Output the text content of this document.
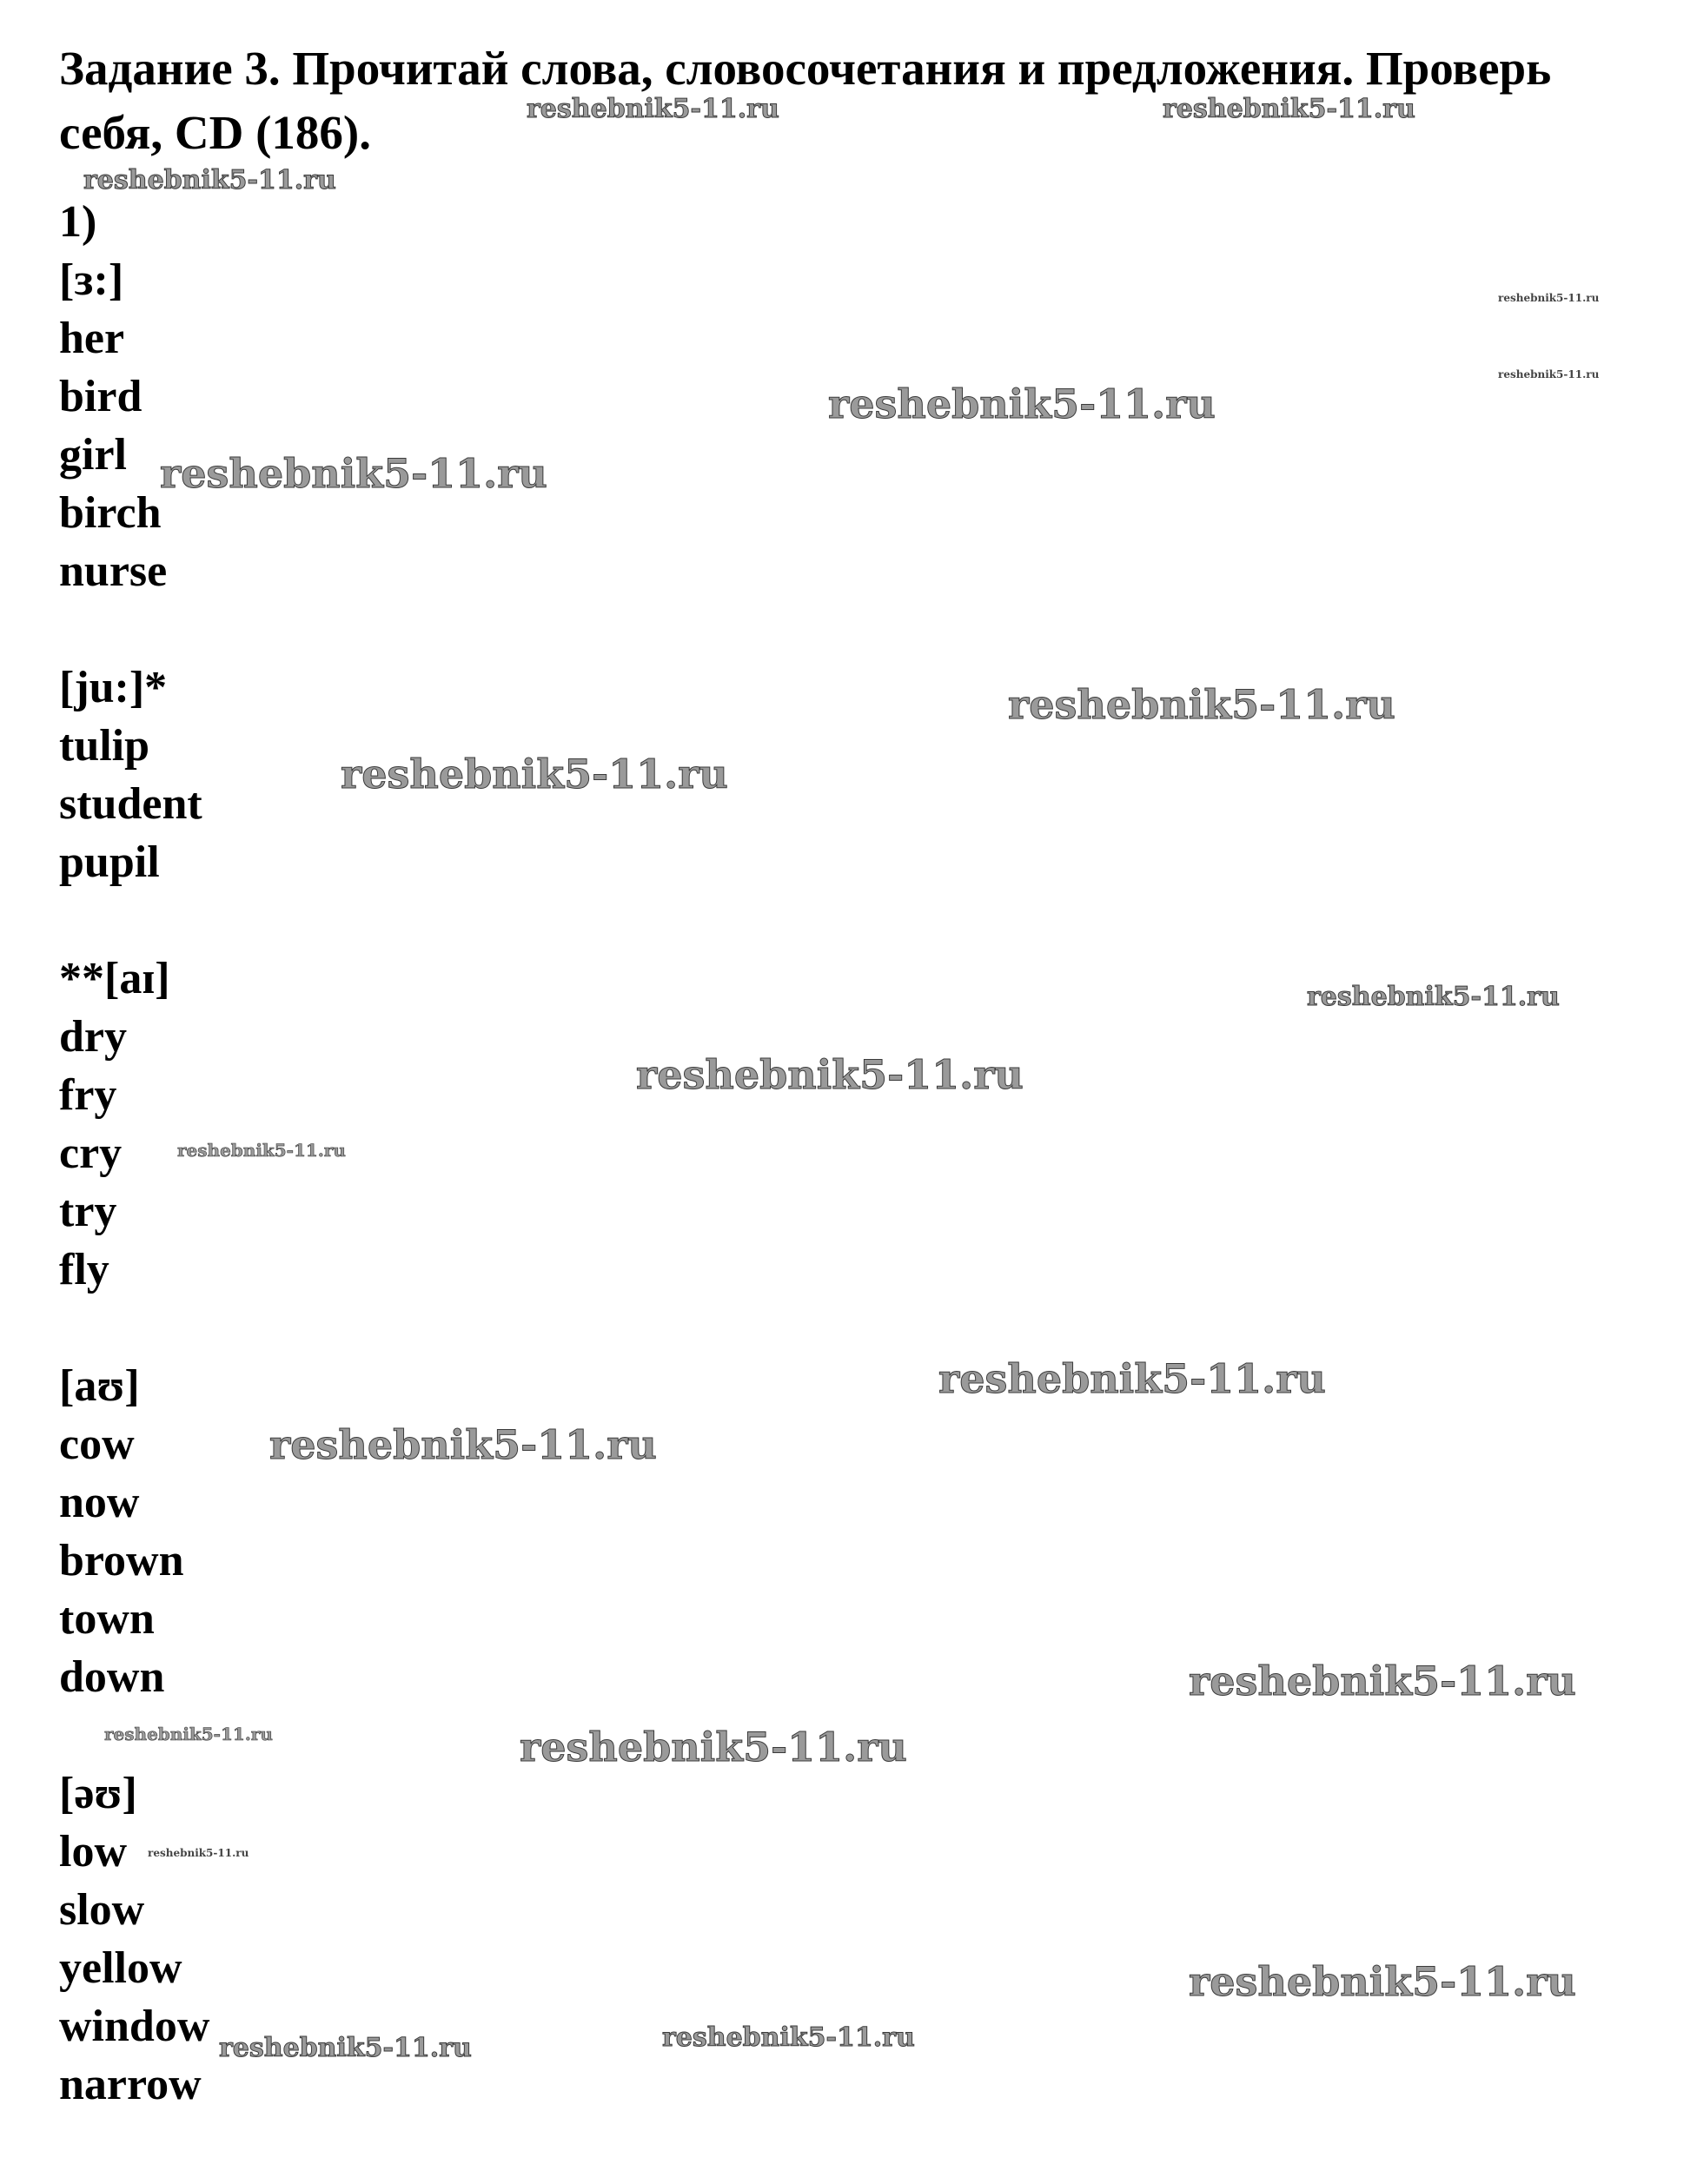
Задание 3. Прочитай слова, словосочетания и предложения. Проверь
себя, CD (186).
1)
[ɜ:]
her
bird
girl
birch
nurse
[ju:]*
tulip
student
pupil
**[aɪ]
dry
fry
cry
try
fly
[aʊ]
cow
now
brown
town
down
[əʊ]
low
slow
yellow
window
narrow
reshebnik5-11.ru	reshebnik5-11.ru
reshebnik5-11.ru
reshebnik5-11.ru
reshebnik5-11.ru
reshebnik5-11.ru
reshebnik5-11.ru
reshebnik5-11.ru
reshebnik5-11.ru
reshebnik5-11.ru
reshebnik5-11.ru
reshebnik5-11.ru
reshebnik5-11.ru
reshebnik5-11.ru
reshebnik5-11.ru
reshebnik5-11.ru	reshebnik5-11.ru
reshebnik5-11.ru
reshebnik5-11.ru
reshebnik5-11.ru
reshebnik5-11.ru
